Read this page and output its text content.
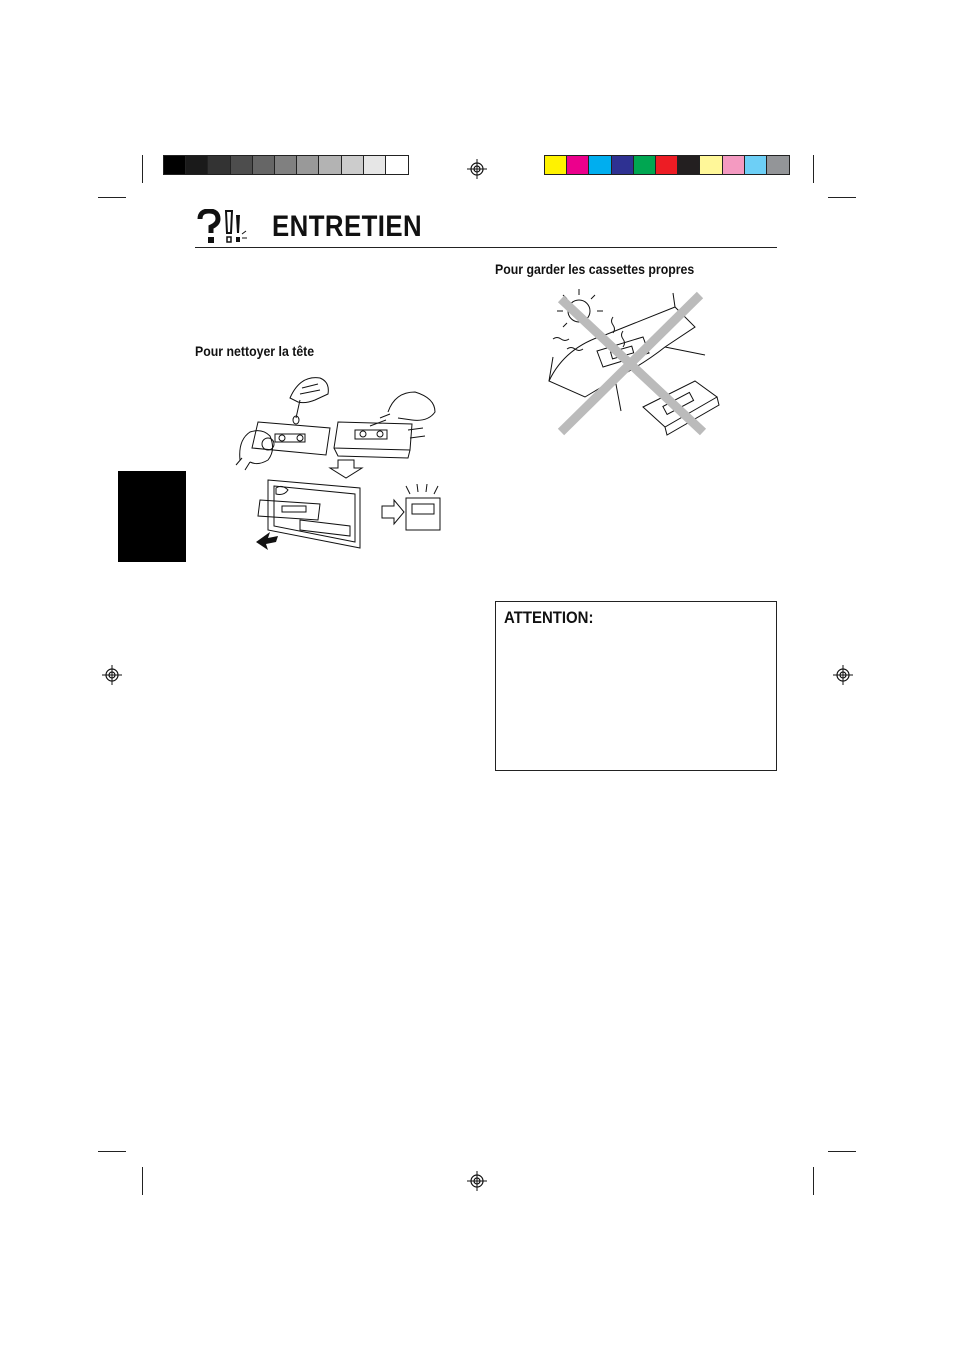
ENTRETIEN
Pour nettoyer la tête
Pour garder les cassettes propres
ATTENTION:
